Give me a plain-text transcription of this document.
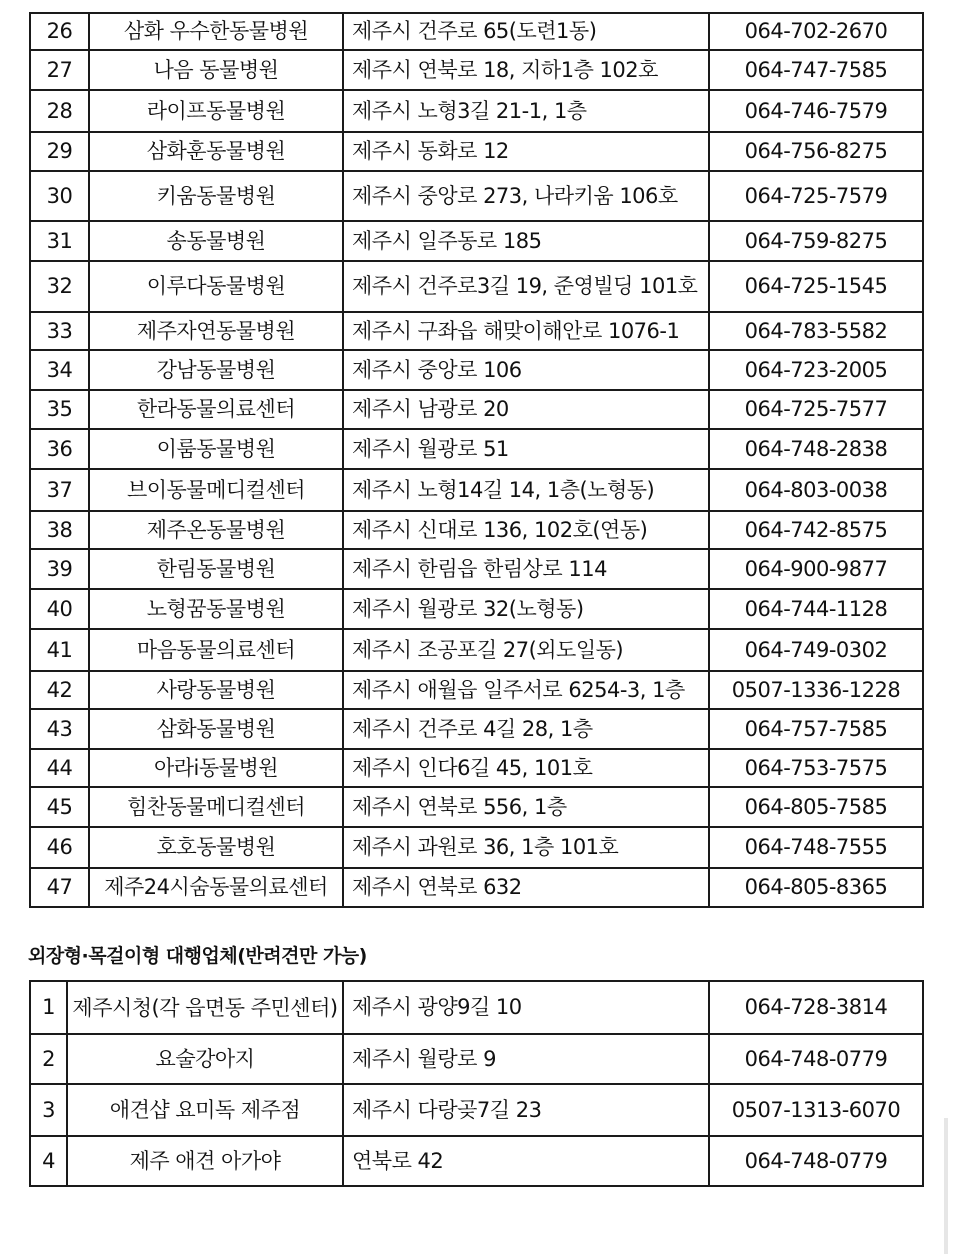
26	삼화 우수한동물병원	제주시 건주로 65(도련1동)	064-702-2670
27	나음 동물병원	제주시 연북로 18, 지하1층 102호	064-747-7585
28	라이프동물병원	제주시 노형3길 21-1, 1층	064-746-7579
29	삼화훈동물병원	제주시 동화로 12	064-756-8275
30	키움동물병원	제주시 중앙로 273, 나라키움 106호	064-725-7579
31	송동물병원	제주시 일주동로 185	064-759-8275
32	이루다동물병원	제주시 건주로3길 19, 준영빌딩 101호	064-725-1545
33	제주자연동물병원	제주시 구좌읍 해맞이해안로 1076-1	064-783-5582
34	강남동물병원	제주시 중앙로 106	064-723-2005
35	한라동물의료센터	제주시 남광로 20	064-725-7577
36	이룸동물병원	제주시 월광로 51	064-748-2838
37	브이동물메디컬센터	제주시 노형14길 14, 1층(노형동)	064-803-0038
38	제주온동물병원	제주시 신대로 136, 102호(연동)	064-742-8575
39	한림동물병원	제주시 한림읍 한림상로 114	064-900-9877
40	노형꿈동물병원	제주시 월광로 32(노형동)	064-744-1128
41	마음동물의료센터	제주시 조공포길 27(외도일동)	064-749-0302
42	사랑동물병원	제주시 애월읍 일주서로 6254-3, 1층	0507-1336-1228
43	삼화동물병원	제주시 건주로 4길 28, 1층	064-757-7585
44	아라i동물병원	제주시 인다6길 45, 101호	064-753-7575
45	힘찬동물메디컬센터	제주시 연북로 556, 1층	064-805-7585
46	호호동물병원	제주시 과원로 36, 1층 101호	064-748-7555
47	제주24시숨동물의료센터	제주시 연북로 632	064-805-8365
외장형·목걸이형 대행업체(반려견만 가능)
1	제주시청(각 읍면동 주민센터)	제주시 광양9길 10	064-728-3814
2	요술강아지	제주시 월랑로 9	064-748-0779
3	애견샵 요미독 제주점	제주시 다랑곶7길 23	0507-1313-6070
4	제주 애견 아가야	연북로 42	064-748-0779
